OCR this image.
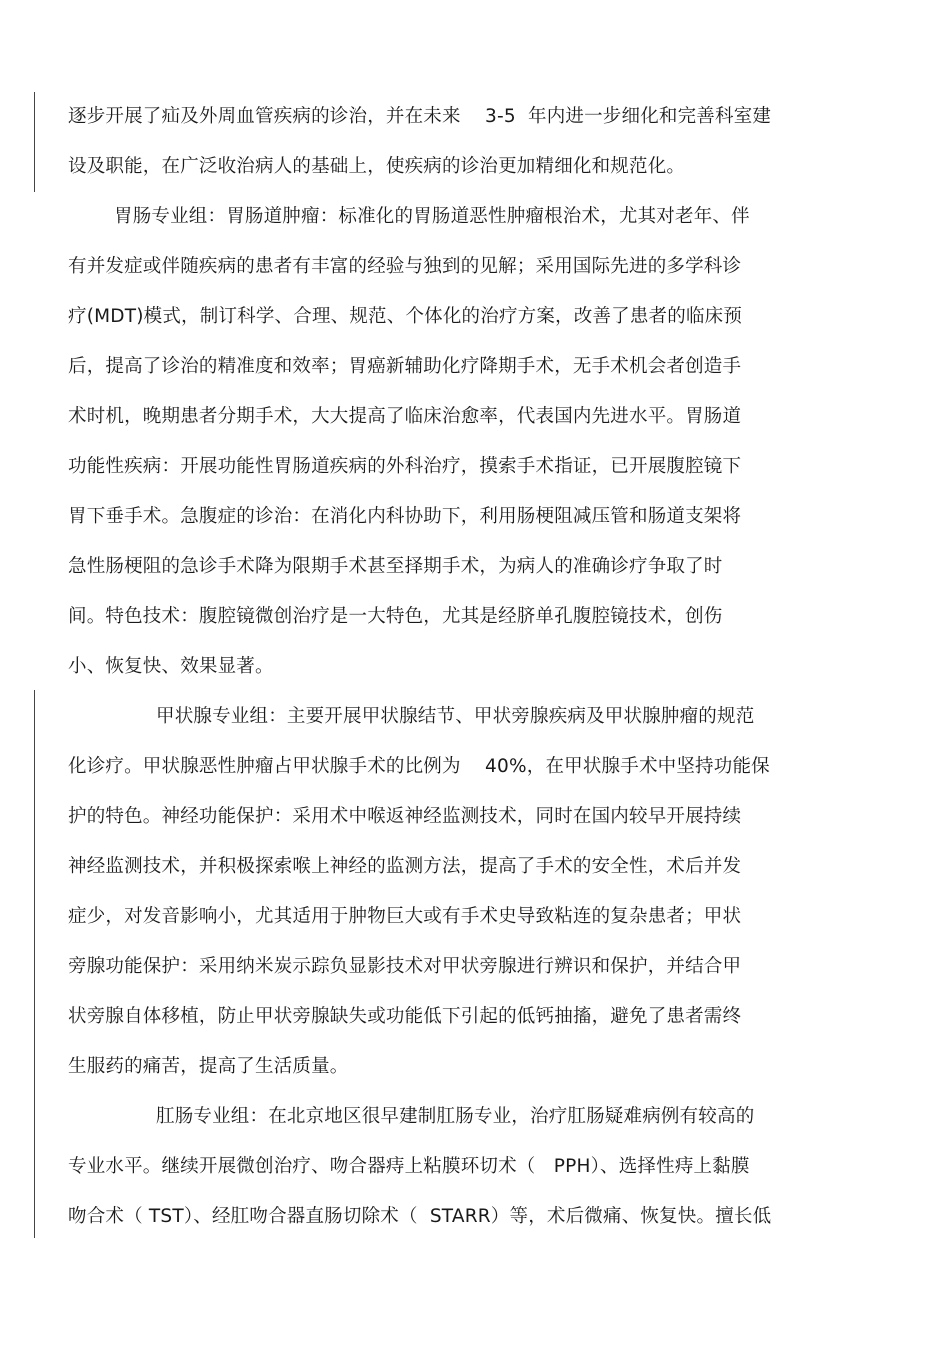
逐步开展了疝及外周血管疾病的诊治，并在未来    3-5  年内进一步细化和完善科室建
设及职能，在广泛收治病人的基础上，使疾病的诊治更加精细化和规范化。
胃肠专业组：胃肠道肿瘤：标准化的胃肠道恶性肿瘤根治术，尤其对老年、伴
有并发症或伴随疾病的患者有丰富的经验与独到的见解；采用国际先进的多学科诊
疗(MDT)模式，制订科学、合理、规范、个体化的治疗方案，改善了患者的临床预
后，提高了诊治的精准度和效率；胃癌新辅助化疗降期手术，无手术机会者创造手
术时机，晚期患者分期手术，大大提高了临床治愈率，代表国内先进水平。胃肠道
功能性疾病：开展功能性胃肠道疾病的外科治疗，摸索手术指证，已开展腹腔镜下
胃下垂手术。急腹症的诊治：在消化内科协助下，利用肠梗阻减压管和肠道支架将
急性肠梗阻的急诊手术降为限期手术甚至择期手术，为病人的准确诊疗争取了时
间。特色技术：腹腔镜微创治疗是一大特色，尤其是经脐单孔腹腔镜技术，创伤
小、恢复快、效果显著。
甲状腺专业组：主要开展甲状腺结节、甲状旁腺疾病及甲状腺肿瘤的规范
化诊疗。甲状腺恶性肿瘤占甲状腺手术的比例为    40%，在甲状腺手术中坚持功能保
护的特色。神经功能保护：采用术中喉返神经监测技术，同时在国内较早开展持续
神经监测技术，并积极探索喉上神经的监测方法，提高了手术的安全性，术后并发
症少，对发音影响小，尤其适用于肿物巨大或有手术史导致粘连的复杂患者；甲状
旁腺功能保护：采用纳米炭示踪负显影技术对甲状旁腺进行辨识和保护，并结合甲
状旁腺自体移植，防止甲状旁腺缺失或功能低下引起的低钙抽搐，避免了患者需终
生服药的痛苦，提高了生活质量。
肛肠专业组：在北京地区很早建制肛肠专业，治疗肛肠疑难病例有较高的
专业水平。继续开展微创治疗、吻合器痔上粘膜环切术（   PPH）、选择性痔上黏膜
吻合术（ TST）、经肛吻合器直肠切除术（  STARR）等，术后微痛、恢复快。擅长低
